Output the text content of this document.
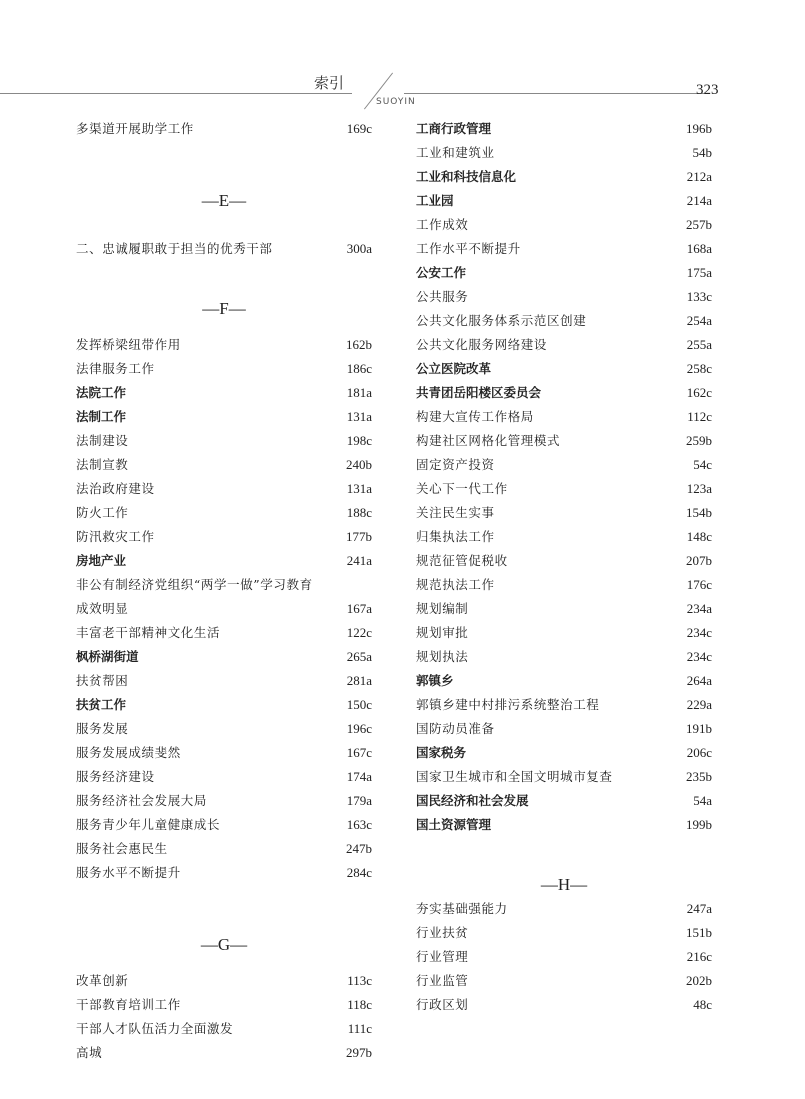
索引
SUOYIN
323
多渠道开展助学工作	169c
—E—
二、忠诚履职敢于担当的优秀干部	300a
—F—
发挥桥梁纽带作用	162b
法律服务工作	186c
法院工作	181a
法制工作	131a
法制建设	198c
法制宣教	240b
法治政府建设	131a
防火工作	188c
防汛救灾工作	177b
房地产业	241a
非公有制经济党组织“两学一做”学习教育
成效明显	167a
丰富老干部精神文化生活	122c
枫桥湖街道	265a
扶贫帮困	281a
扶贫工作	150c
服务发展	196c
服务发展成绩斐然	167c
服务经济建设	174a
服务经济社会发展大局	179a
服务青少年儿童健康成长	163c
服务社会惠民生	247b
服务水平不断提升	284c
—G—
改革创新	113c
干部教育培训工作	118c
干部人才队伍活力全面激发	111c
高城	297b
工商行政管理	196b
工业和建筑业	54b
工业和科技信息化	212a
工业园	214a
工作成效	257b
工作水平不断提升	168a
公安工作	175a
公共服务	133c
公共文化服务体系示范区创建	254a
公共文化服务网络建设	255a
公立医院改革	258c
共青团岳阳楼区委员会	162c
构建大宣传工作格局	112c
构建社区网格化管理模式	259b
固定资产投资	54c
关心下一代工作	123a
关注民生实事	154b
归集执法工作	148c
规范征管促税收	207b
规范执法工作	176c
规划编制	234a
规划审批	234c
规划执法	234c
郭镇乡	264a
郭镇乡建中村排污系统整治工程	229a
国防动员准备	191b
国家税务	206c
国家卫生城市和全国文明城市复查	235b
国民经济和社会发展	54a
国土资源管理	199b
—H—
夯实基础强能力	247a
行业扶贫	151b
行业管理	216c
行业监管	202b
行政区划	48c
